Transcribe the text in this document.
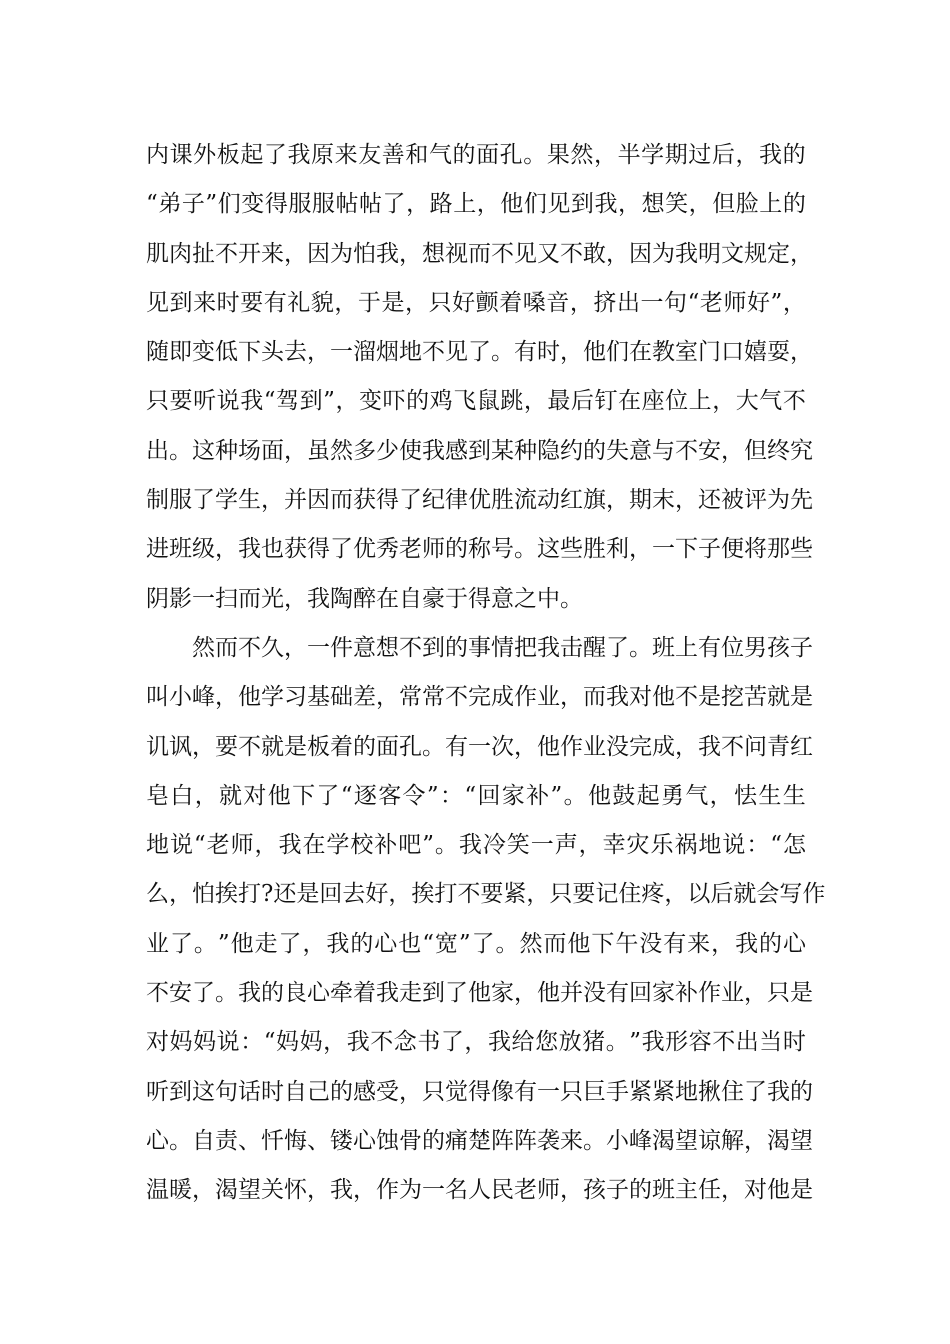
内 课 外 板 起 了 我 原 来 友 善 和 气 的 面 孔 。 果 然 ， 半 学 期 过 后 ， 我 的
“ 弟 子 ” 们 变 得 服 服 帖 帖 了 ， 路 上 ， 他 们 见 到 我 ， 想 笑 ， 但 脸 上 的
肌 肉 扯 不 开 来 ， 因 为 怕 我 ， 想 视 而 不 见 又 不 敢 ， 因 为 我 明 文 规 定 ，
见 到 来 时 要 有 礼 貌 ， 于 是 ， 只 好 颤 着 嗓 音 ， 挤 出 一 句 “ 老 师 好 ” ，
随 即 变 低 下 头 去 ， 一 溜 烟 地 不 见 了 。 有 时 ， 他 们 在 教 室 门 口 嬉 耍 ，
只 要 听 说 我 “ 驾 到 ” ， 变 吓 的 鸡 飞 鼠 跳 ， 最 后 钉 在 座 位 上 ， 大 气 不
出 。 这 种 场 面 ， 虽 然 多 少 使 我 感 到 某 种 隐 约 的 失 意 与 不 安 ， 但 终 究
制 服 了 学 生 ， 并 因 而 获 得 了 纪 律 优 胜 流 动 红 旗 ， 期 末 ， 还 被 评 为 先
进 班 级 ， 我 也 获 得 了 优 秀 老 师 的 称 号 。 这 些 胜 利 ， 一 下 子 便 将 那 些
阴影一扫而光，我陶醉在自豪于得意之中。
然 而 不 久 ， 一 件 意 想 不 到 的 事 情 把 我 击 醒 了 。 班 上 有 位 男 孩 子
叫 小 峰 ， 他 学 习 基 础 差 ， 常 常 不 完 成 作 业 ， 而 我 对 他 不 是 挖 苦 就 是
讥 讽 ， 要 不 就 是 板 着 的 面 孔 。 有 一 次 ， 他 作 业 没 完 成 ， 我 不 问 青 红
皂 白 ， 就 对 他 下 了 “ 逐 客 令 ” ： “ 回 家 补 ” 。 他 鼓 起 勇 气 ， 怯 生 生
地 说 “ 老 师 ， 我 在 学 校 补 吧 ” 。 我 冷 笑 一 声 ， 幸 灾 乐 祸 地 说 ： “ 怎
么 ， 怕 挨 打 ? 还 是 回 去 好 ， 挨 打 不 要 紧 ， 只 要 记 住 疼 ， 以 后 就 会 写 作
业 了 。 ” 他 走 了 ， 我 的 心 也 “ 宽 ” 了 。 然 而 他 下 午 没 有 来 ， 我 的 心
不 安 了 。 我 的 良 心 牵 着 我 走 到 了 他 家 ， 他 并 没 有 回 家 补 作 业 ， 只 是
对 妈 妈 说 ： “ 妈 妈 ， 我 不 念 书 了 ， 我 给 您 放 猪 。 ” 我 形 容 不 出 当 时
听 到 这 句 话 时 自 己 的 感 受 ， 只 觉 得 像 有 一 只 巨 手 紧 紧 地 揪 住 了 我 的
心 。 自 责 、 忏 悔 、 镂 心 蚀 骨 的 痛 楚 阵 阵 袭 来 。 小 峰 渴 望 谅 解 ， 渴 望
温 暖 ， 渴 望 关 怀 ， 我 ， 作 为 一 名 人 民 老 师 ， 孩 子 的 班 主 任 ， 对 他 是
